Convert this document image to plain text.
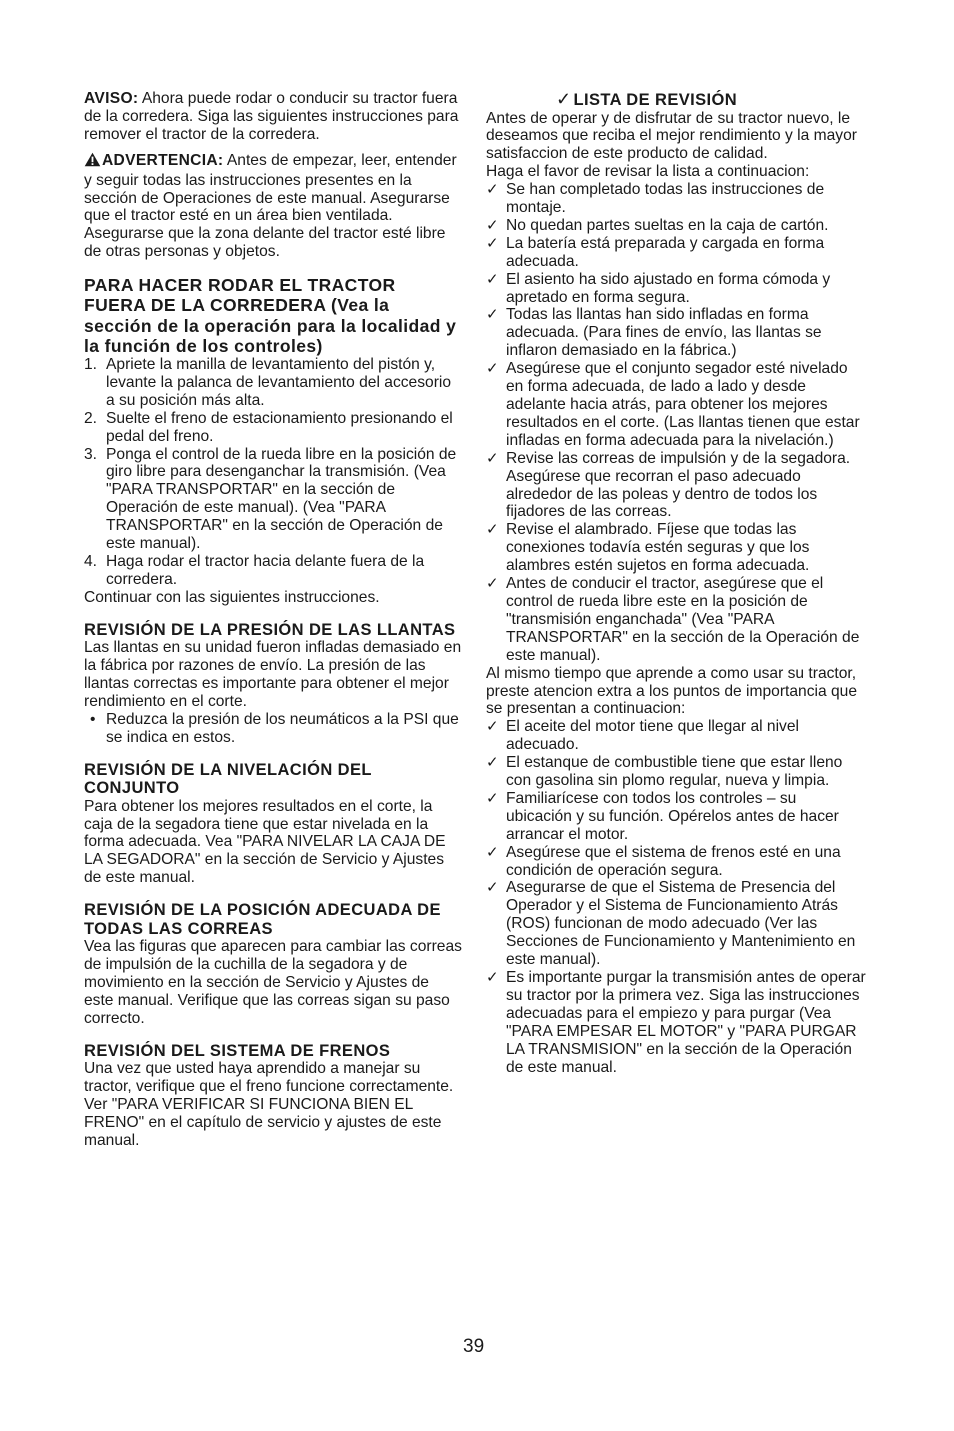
AVISO: Ahora puede rodar o conducir su tractor fuera de la corredera. Siga las siguientes instrucciones para remover el tractor de la corredera.

ADVERTENCIA: Antes de empezar, leer, entender y seguir todas las instrucciones presentes en la sección de Operaciones de este manual. Asegurarse que el tractor esté en un área bien ventilada. Asegurarse que la zona delante del tractor esté libre de otras personas y objetos.

PARA HACER RODAR EL TRACTOR FUERA DE LA CORREDERA (Vea la sección de la operación para la localidad y la función de los controles)
1. Apriete la manilla de levantamiento del pistón y, levante la palanca de levantamiento del accesorio a su posición más alta.
2. Suelte el freno de estacionamiento presionando el pedal del freno.
3. Ponga el control de la rueda libre en la posición de giro libre para desenganchar la transmisión. (Vea "PARA TRANSPORTAR" en la sección de Operación de este manual). (Vea "PARA TRANSPORTAR" en la sección de Operación de este manual).
4. Haga rodar el tractor hacia delante fuera de la corredera.

Continuar con las siguientes instrucciones.

REVISIÓN DE LA PRESIÓN DE LAS LLANTAS

Las llantas en su unidad fueron infladas demasiado en la fábrica por razones de envío. La presión de las llantas correctas es importante para obtener el mejor rendimiento en el corte.

• Reduzca la presión de los neumáticos a la PSI que se indica en estos.
REVISIÓN DE LA NIVELACIÓN DEL CONJUNTO

Para obtener los mejores resultados en el corte, la caja de la segadora tiene que estar nivelada en la forma adecuada. Vea "PARA NIVELAR LA CAJA DE LA SEGADORA" en la sección de Servicio y Ajustes de este manual.

REVISIÓN DE LA POSICIÓN ADECUADA DE TODAS LAS CORREAS

Vea las figuras que aparecen para cambiar las correas de impulsión de la cuchilla de la segadora y de movimiento en la sección de Servicio y Ajustes de este manual. Verifique que las correas sigan su paso correcto.

REVISIÓN DEL SISTEMA DE FRENOS

Una vez que usted haya aprendido a manejar su tractor, verifique que el freno funcione correctamente. Ver "PARA VERIFICAR SI FUNCIONA BIEN EL FRENO" en el capítulo de servicio y ajustes de este manual.

✓ LISTA DE REVISIÓN

Antes de operar y de disfrutar de su tractor nuevo, le deseamos que reciba el mejor rendimiento y la mayor satisfaccion de este producto de calidad.

Haga el favor de revisar la lista a continuacion:

✓ Se han completado todas las instrucciones de montaje.
✓ No quedan partes sueltas en la caja de cartón.
✓ La batería está preparada y cargada en forma adecuada.
✓ El asiento ha sido ajustado en forma cómoda y apretado en forma segura.
✓ Todas las llantas han sido infladas en forma adecuada. (Para fines de envío, las llantas se inflaron demasiado en la fábrica.)
✓ Asegúrese que el conjunto segador esté nivelado en forma adecuada, de lado a lado y desde adelante hacia atrás, para obtener los mejores resultados en el corte. (Las llantas tienen que estar infladas en forma adecuada para la nivelación.)
✓ Revise las correas de impulsión y de la segadora. Asegúrese que recorran el paso adecuado alrededor de las poleas y dentro de todos los fijadores de las correas.
✓ Revise el alambrado. Fíjese que todas las conexiones todavía estén seguras y que los alambres estén sujetos en forma adecuada.
✓ Antes de conducir el tractor, asegúrese que el control de rueda libre este en la posición de "transmisión enganchada" (Vea "PARA TRANSPORTAR" en la sección de la Operación de este manual).

Al mismo tiempo que aprende a como usar su tractor, preste atencion extra a los puntos de importancia que se presentan a continuacion:

✓ El aceite del motor tiene que llegar al nivel adecuado.
✓ El estanque de combustible tiene que estar lleno con gasolina sin plomo regular, nueva y limpia.
✓ Familiarícese con todos los controles – su ubicación y su función. Opérelos antes de hacer arrancar el motor.
✓ Asegúrese que el sistema de frenos esté en una condición de operación segura.
✓ Asegurarse de que el Sistema de Presencia del Operador y el Sistema de Funcionamiento Atrás (ROS) funcionan de modo adecuado (Ver las Secciones de Funcionamiento y Mantenimiento en este manual).
✓ Es importante purgar la transmisión antes de operar su tractor por la primera vez. Siga las instrucciones adecuadas para el empiezo y para purgar (Vea "PARA EMPESAR EL MOTOR" y "PARA PURGAR LA TRANSMISION" en la sección de la Operación de este manual.
39
